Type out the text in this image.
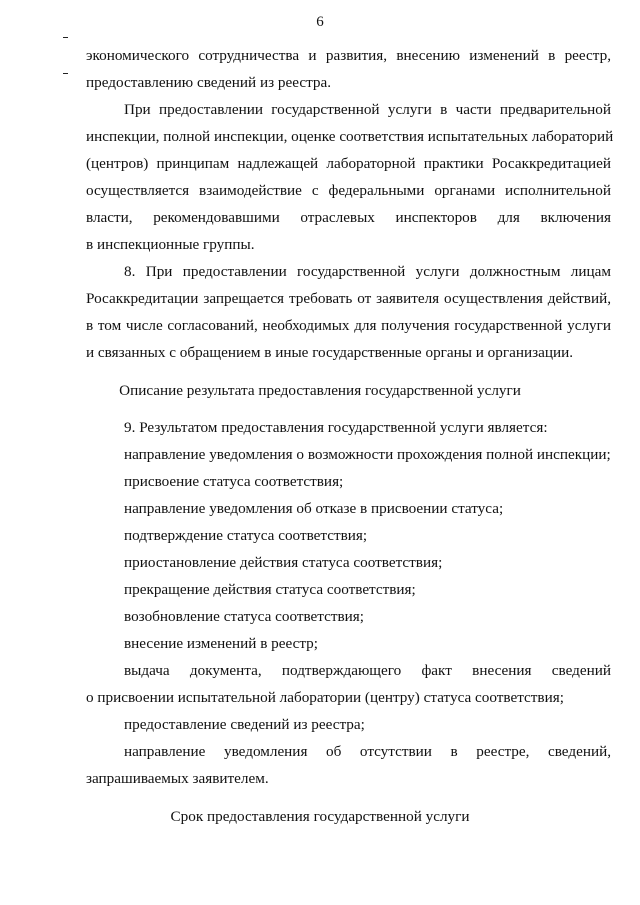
6
экономического сотрудничества и развития, внесению изменений в реестр,
предоставлению сведений из реестра.
При предоставлении государственной услуги в части предварительной
инспекции, полной инспекции, оценке соответствия испытательных лабораторий
(центров) принципам надлежащей лабораторной практики Росаккредитацией
осуществляется взаимодействие с федеральными органами исполнительной
власти, рекомендовавшими отраслевых инспекторов для включения
в инспекционные группы.
8. При предоставлении государственной услуги должностным лицам
Росаккредитации запрещается требовать от заявителя осуществления действий,
в том числе согласований, необходимых для получения государственной услуги
и связанных с обращением в иные государственные органы и организации.
Описание результата предоставления государственной услуги
9. Результатом предоставления государственной услуги является:
направление уведомления о возможности прохождения полной инспекции;
присвоение статуса соответствия;
направление уведомления об отказе в присвоении статуса;
подтверждение статуса соответствия;
приостановление действия статуса соответствия;
прекращение действия статуса соответствия;
возобновление статуса соответствия;
внесение изменений в реестр;
выдача документа, подтверждающего факт внесения сведений
о присвоении испытательной лаборатории (центру) статуса соответствия;
предоставление сведений из реестра;
направление уведомления об отсутствии в реестре, сведений,
запрашиваемых заявителем.
Срок предоставления государственной услуги
